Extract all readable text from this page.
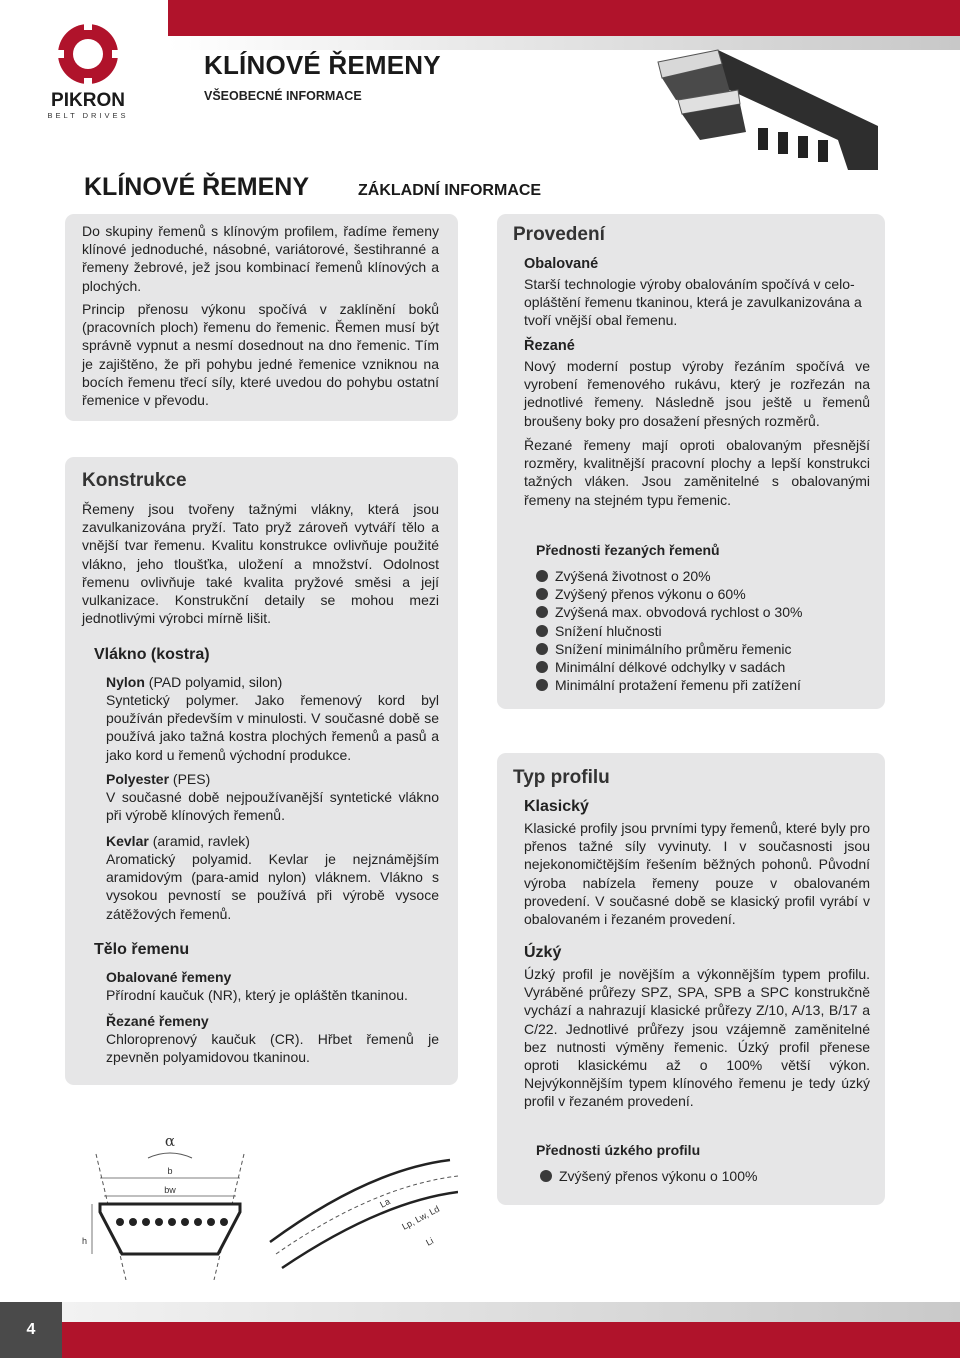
PIKRON
BELT DRIVES
KLÍNOVÉ ŘEMENY
VŠEOBECNÉ INFORMACE
KLÍNOVÉ ŘEMENY	ZÁKLADNÍ INFORMACE

Do skupiny řemenů s klínovým profilem, řadíme řemeny klínové jednoduché, násobné, variátorové, šestihranné a řemeny žebrové, jež jsou kombinací řemenů klínových a plochých.

Princip přenosu výkonu spočívá v zaklínění boků (pracovních ploch) řemenu do řemenic. Řemen musí být správně vypnut a nesmí dosednout na dno řemenic. Tím je zajištěno, že při pohybu jedné řemenice vzniknou na bocích řemenu třecí síly, které uvedou do pohybu ostatní řemenice v převodu.

Konstrukce

Řemeny jsou tvořeny tažnými vlákny, která jsou zavulkanizována pryží. Tato pryž zároveň vytváří tělo a vnější tvar řemenu. Kvalitu konstrukce ovlivňuje použité vlákno, jeho tloušťka, uložení a množství. Odolnost řemenu ovlivňuje také kvalita pryžové směsi a její vulkanizace. Konstrukční detaily se mohou mezi jednotlivými výrobci mírně lišit.

Vlákno (kostra)

Nylon (PAD polyamid, silon)

Syntetický polymer. Jako řemenový kord byl používán především v minulosti. V současné době se používá jako tažná kostra plochých řemenů a pasů a jako kord u řemenů východní produkce.

Polyester (PES)

V současné době nejpoužívanější syntetické vlákno při výrobě klínových řemenů.

Kevlar (aramid, ravlek)

Aromatický polyamid. Kevlar je nejznámějším aramidovým (para-amid nylon) vláknem. Vlákno s vysokou pevností se používá při výrobě vysoce zátěžových řemenů.

Tělo řemenu

Obalované řemeny

Přírodní kaučuk (NR), který je opláštěn tkaninou.

Řezané řemeny

Chloroprenový kaučuk (CR). Hřbet řemenů je zpevněn polyamidovou tkaninou.

Provedení
Obalované

Starší technologie výroby obalováním spočívá v celo-opláštění řemenu tkaninou, která je zavulkanizována a tvoří vnější obal řemenu.

Řezané

Nový moderní postup výroby řezáním spočívá ve vyrobení řemenového rukávu, který je rozřezán na jednotlivé řemeny. Následně jsou ještě u řemenů broušeny boky pro dosažení přesných rozměrů.

Řezané řemeny mají oproti obalovaným přesnější rozměry, kvalitnější pracovní plochy a lepší konstrukci tažných vláken. Jsou zaměnitelné s obalovanými řemeny na stejném typu řemenic.

Přednosti řezaných řemenů
Zvýšená životnost o 20%
Zvýšený přenos výkonu o 60%
Zvýšená max. obvodová rychlost o 30%
Snížení hlučnosti
Snížení minimálního průměru řemenic
Minimální délkové odchylky v sadách
Minimální protažení řemenu při zatížení
Typ profilu
Klasický

Klasické profily jsou prvními typy řemenů, které byly pro přenos tažné síly vyvinuty. I v současnosti jsou nejekonomičtějším řešením běžných pohonů. Původní výroba nabízela řemeny pouze v obalovaném provedení. V současné době se klasický profil vyrábí v obalovaném i řezaném provedení.

Úzký

Úzký profil je novějším a výkonnějším typem profilu. Vyráběné průřezy SPZ, SPA, SPB a SPC konstrukčně vychází a nahrazují klasické průřezy Z/10, A/13, B/17 a C/22. Jednotlivé průřezy jsou vzájemně zaměnitelné bez nutnosti výměny řemenic. Úzký profil přenese oproti klasickému až o 100% větší výkon. Nejvýkonnějším typem klínového řemenu je tedy úzký profil v řezaném provedení.

Přednosti úzkého profilu
Zvýšený přenos výkonu o 100%
α
b
bw
h
La
Lp, Lw, Ld
Li
4
